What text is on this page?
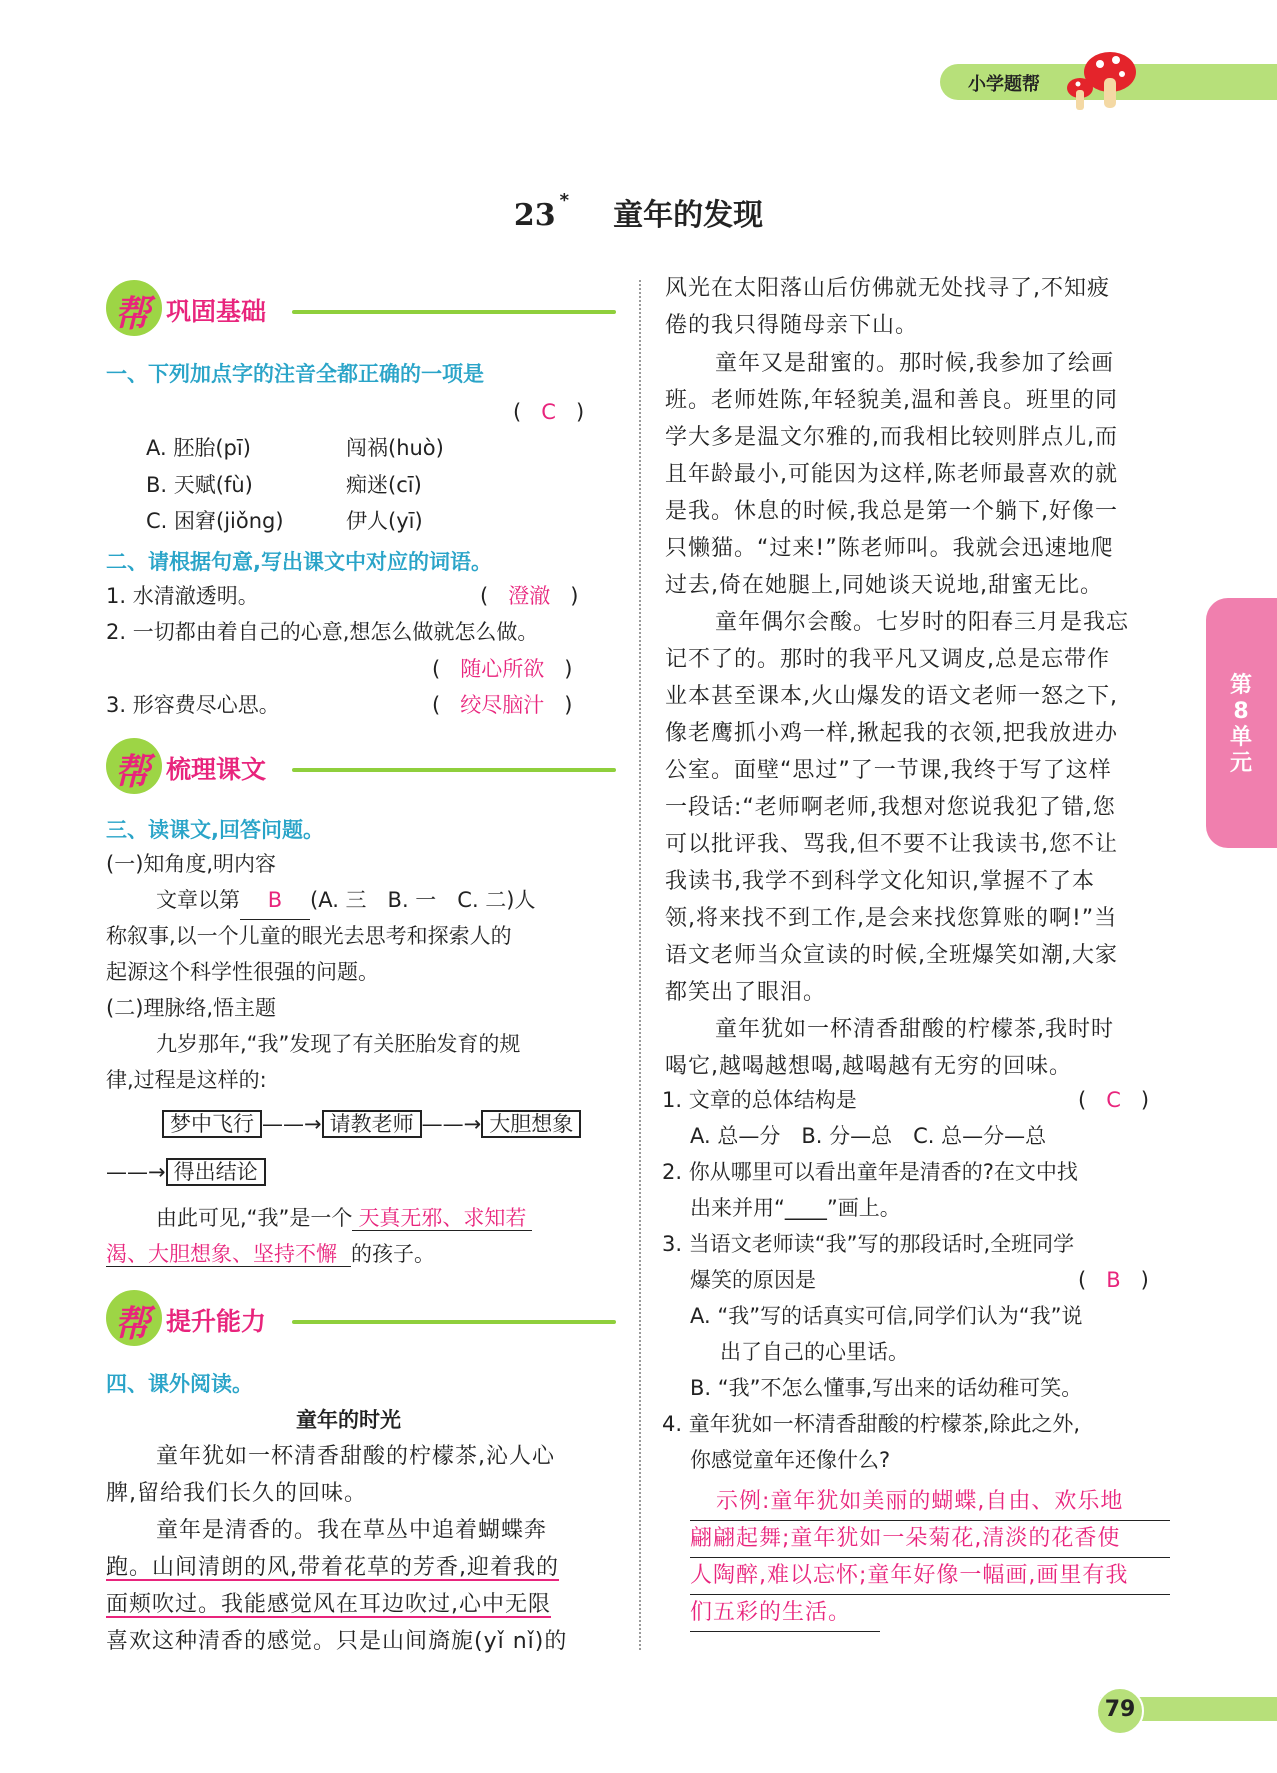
小学题帮
23 * 童年的发现
帮 巩固基础
一、下列加点字的注音全都正确的一项是
( C )
A. 胚胎(pī)	闯祸(huò)
B. 天赋(fù)	痴迷(cī)
C. 困窘(jiǒng)	伊人(yī)
二、请根据句意,写出课文中对应的词语。
1. 水清澈透明。	(   澄澈   )
2. 一切都由着自己的心意,想怎么做就怎么做。
(   随心所欲   )
3. 形容费尽心思。	(   绞尽脑汁   )
帮 梳理课文
三、读课文,回答问题。
(一)知角度,明内容
文章以第 B (A. 三　B. 一　C. 二)人
称叙事,以一个儿童的眼光去思考和探索人的
起源这个科学性很强的问题。
(二)理脉络,悟主题
九岁那年,“我”发现了有关胚胎发育的规
律,过程是这样的:
梦中飞行 ——→ 请教老师 ——→ 大胆想象
——→ 得出结论
由此可见,“我”是一个 天真无邪、求知若
渴、大胆想象、坚持不懈 的孩子。
帮 提升能力
四、课外阅读。
童年的时光
童年犹如一杯清香甜酸的柠檬茶,沁人心
脾,留给我们长久的回味。
童年是清香的。我在草丛中追着蝴蝶奔
跑。山间清朗的风,带着花草的芳香,迎着我的
面颊吹过。我能感觉风在耳边吹过,心中无限
喜欢这种清香的感觉。只是山间旖旎(yǐ nǐ)的
风光在太阳落山后仿佛就无处找寻了,不知疲
倦的我只得随母亲下山。
童年又是甜蜜的。那时候,我参加了绘画
班。老师姓陈,年轻貌美,温和善良。班里的同
学大多是温文尔雅的,而我相比较则胖点儿,而
且年龄最小,可能因为这样,陈老师最喜欢的就
是我。休息的时候,我总是第一个躺下,好像一
只懒猫。“过来!”陈老师叫。我就会迅速地爬
过去,倚在她腿上,同她谈天说地,甜蜜无比。
童年偶尔会酸。七岁时的阳春三月是我忘
记不了的。那时的我平凡又调皮,总是忘带作
业本甚至课本,火山爆发的语文老师一怒之下,
像老鹰抓小鸡一样,揪起我的衣领,把我放进办
公室。面壁“思过”了一节课,我终于写了这样
一段话:“老师啊老师,我想对您说我犯了错,您
可以批评我、骂我,但不要不让我读书,您不让
我读书,我学不到科学文化知识,掌握不了本
领,将来找不到工作,是会来找您算账的啊!”当
语文老师当众宣读的时候,全班爆笑如潮,大家
都笑出了眼泪。
童年犹如一杯清香甜酸的柠檬茶,我时时
喝它,越喝越想喝,越喝越有无穷的回味。
1. 文章的总体结构是	(   C   )
A. 总—分　B. 分—总　C. 总—分—总
2. 你从哪里可以看出童年是清香的?在文中找
出来并用“____”画上。
3. 当语文老师读“我”写的那段话时,全班同学
爆笑的原因是	(   B   )
A. “我”写的话真实可信,同学们认为“我”说
出了自己的心里话。
B. “我”不怎么懂事,写出来的话幼稚可笑。
4. 童年犹如一杯清香甜酸的柠檬茶,除此之外,
你感觉童年还像什么?
示例:童年犹如美丽的蝴蝶,自由、欢乐地
翩翩起舞;童年犹如一朵菊花,清淡的花香使
人陶醉,难以忘怀;童年好像一幅画,画里有我
们五彩的生活。
第8单元
79
